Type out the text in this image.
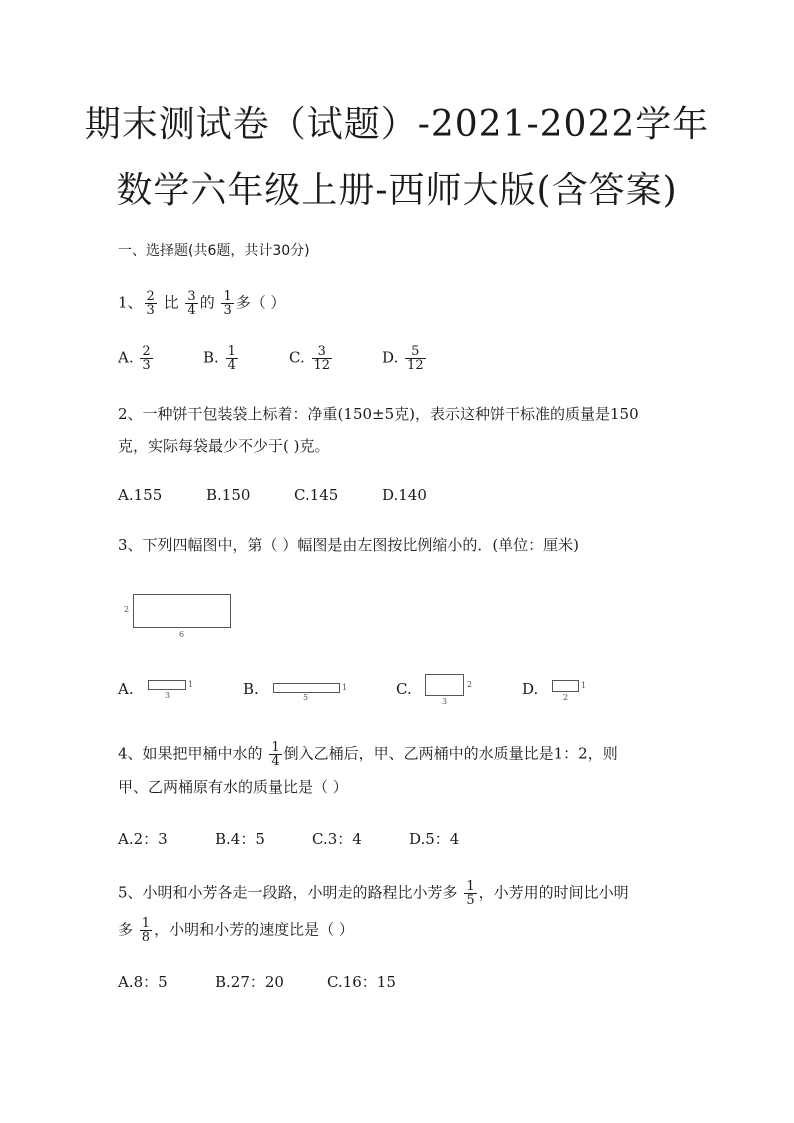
期末测试卷（试题）-2021-2022学年
数学六年级上册-西师大版(含答案)
一、选择题(共6题，共计30分)
1、 $\frac{2}{3}$ 比 $\frac{3}{4}$ 的 $\frac{1}{3}$ 多（ ）
A. $\frac{2}{3}$	B. $\frac{1}{4}$	C. $\frac{3}{12}$	D. $\frac{5}{12}$
2、一种饼干包装袋上标着：净重(150±5克)，表示这种饼干标准的质量是150
克，实际每袋最少不少于( )克。
A.155	B.150	C.145	D.140
3、下列四幅图中，第（ ）幅图是由左图按比例缩小的．(单位：厘米)
2
6
A.	1
3	B.	1
5	C.	2
3
D.	1
2
4、如果把甲桶中水的 $\frac{1}{4}$ 倒入乙桶后，甲、乙两桶中的水质量比是1：2，则
甲、乙两桶原有水的质量比是（ ）
A.2：3	B.4：5	C.3：4	D.5：4
5、小明和小芳各走一段路，小明走的路程比小芳多 $\frac{1}{5}$ ，小芳用的时间比小明
多 $\frac{1}{8}$ ，小明和小芳的速度比是（ ）
A.8：5	B.27：20	C.16：15
